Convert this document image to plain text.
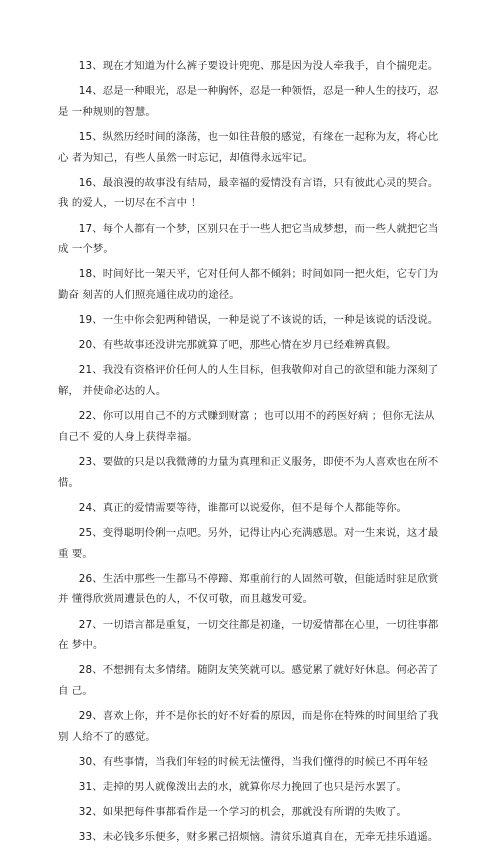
13、现在才知道为什么裤子要设计兜兜、那是因为没人牵我手，自个揣兜走。

14、忍是一种眼光，忍是一种胸怀，忍是一种领悟，忍是一种人生的技巧，忍是 一种规则的智慧。

15、纵然历经时间的涤荡，也一如往昔般的感觉，有缘在一起称为友，将心比心 者为知己，有些人虽然一时忘记，却值得永远牢记。

16、最浪漫的故事没有结局，最幸福的爱情没有言语，只有彼此心灵的契合。我 的爱人，一切尽在不言中 ！

17、每个人都有一个梦，区别只在于一些人把它当成梦想，而一些人就把它当成 一个梦。

18、时间好比一架天平，它对任何人都不倾斜；时间如同一把火炬，它专门为勤奋 刻苦的人们照亮通往成功的途径。

19、一生中你会犯两种错误，一种是说了不该说的话，一种是该说的话没说。

20、有些故事还没讲完那就算了吧，那些心情在岁月已经难辨真假。

21、我没有资格评价任何人的人生目标，但我敬仰对自己的欲望和能力深刻了解， 并使命必达的人。

22、你可以用自己不的方式赚到财富 ；也可以用不的药医好病 ；但你无法从自己不 爱的人身上获得幸福。

23、要做的只是以我微薄的力量为真理和正义服务，即使不为人喜欢也在所不惜。

24、真正的爱情需要等待，谁都可以说爱你，但不是每个人都能等你。

25、变得聪明伶俐一点吧。另外，记得让内心充满感恩。对一生来说，这才最重 要。

26、生活中那些一生都马不停蹄、郑重前行的人固然可敬，但能适时驻足欣赏并 懂得欣赏周遭景色的人，不仅可敬，而且越发可爱。

27、一切语言都是重复，一切交往都是初逢，一切爱情都在心里，一切往事都在 梦中。

28、不想拥有太多情绪。随阴友笑笑就可以。感觉累了就好好休息。何必苦了自 己。

29、喜欢上你，并不是你长的好不好看的原因，而是你在特殊的时间里给了我别 人给不了的感觉。

30、有些事情，当我们年轻的时候无法懂得，当我们懂得的时候已不再年轻

31、走掉的男人就像泼出去的水，就算你尽力挽回了也只是污水罢了。

32、如果把每件事都看作是一个学习的机会，那就没有所谓的失败了。

33、未必钱多乐便多，财多累己招烦恼。清贫乐道真自在，无牵无挂乐逍遥。
